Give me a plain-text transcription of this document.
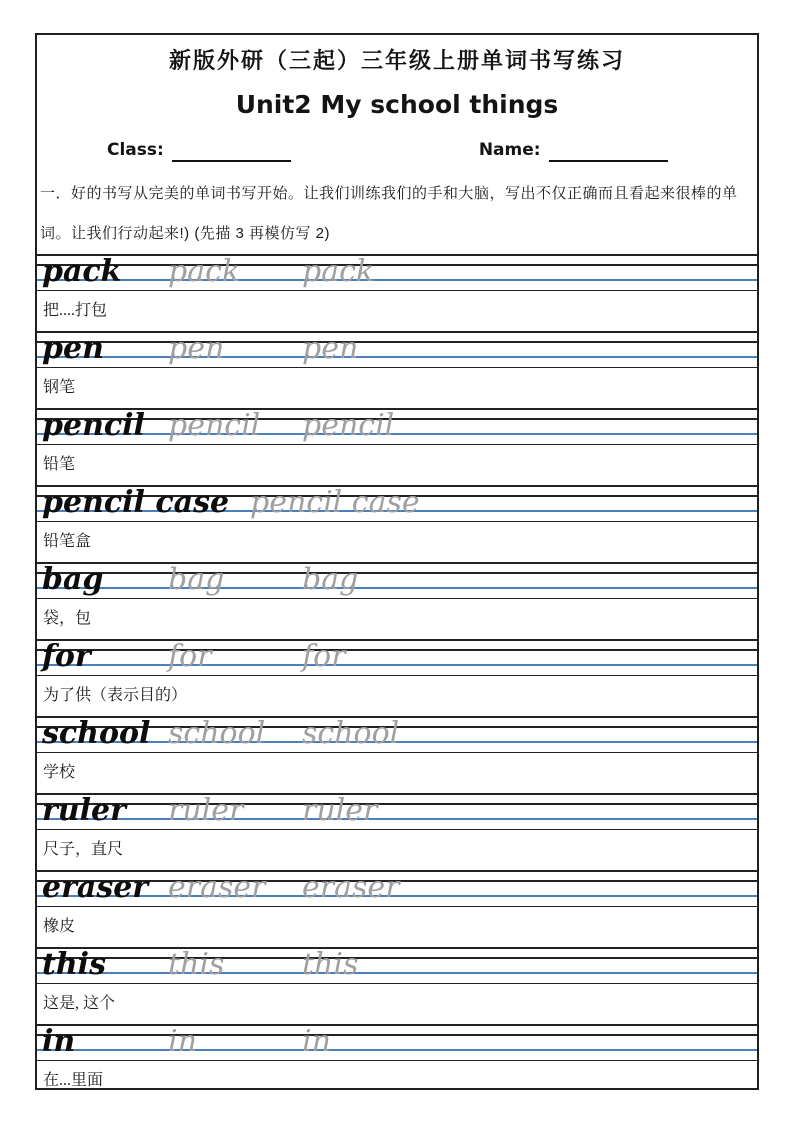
新版外研（三起）三年级上册单词书写练习
Unit2 My school things
Class:	Name:
一．好的书写从完美的单词书写开始。让我们训练我们的手和大脑，写出不仅正确而且看起来很棒的单词。让我们行动起来!) (先描 3 再模仿写 2)
pack pack pack
把....打包
pen pen	pen
钢笔
pencil pencil pencil
铅笔
pencil case pencil case
铅笔盒
bag bag	bag
袋，包
for	for	for
为了供（表示目的）
school school school
学校
ruler ruler ruler
尺子，直尺
eraser eraser eraser
橡皮
this this	this
这是, 这个
in	in	in
在...里面
